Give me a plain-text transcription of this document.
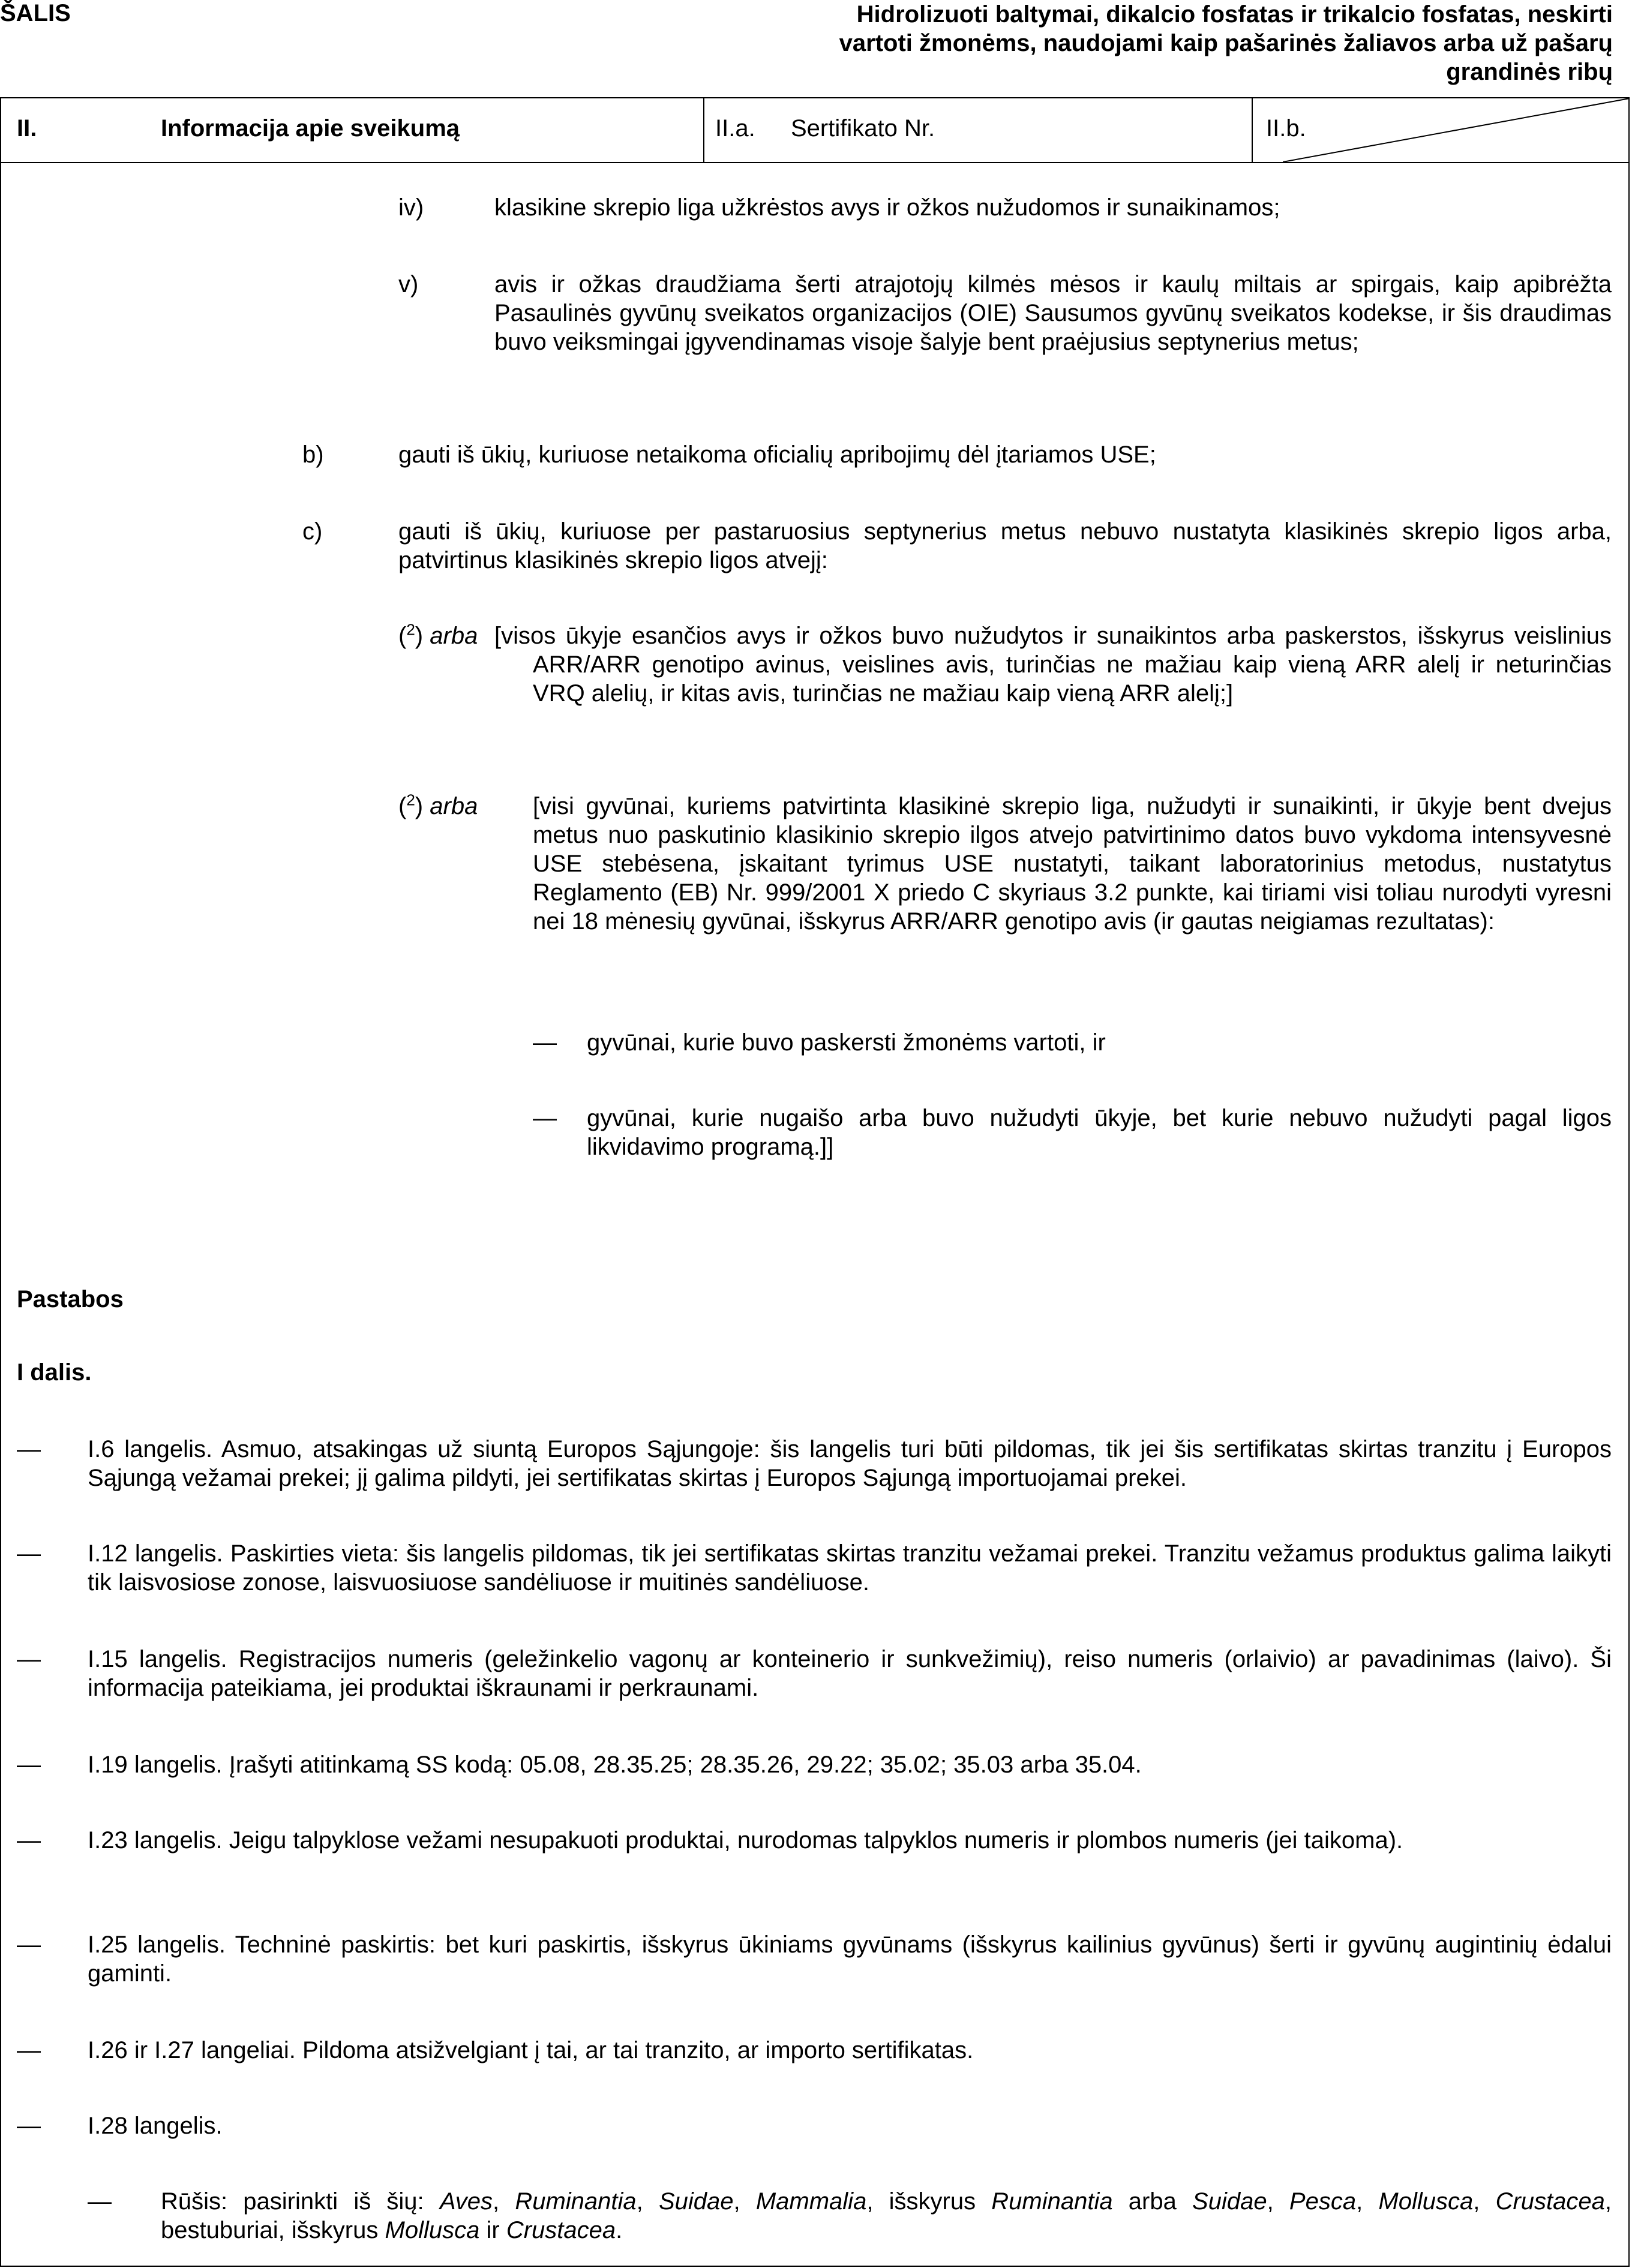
ŠALIS	Hidrolizuoti baltymai, dikalcio fosfatas ir trikalcio fosfatas, neskirti vartoti žmonėms, naudojami kaip pašarinės žaliavos arba už pašarų grandinės ribų
II.	Informacija apie sveikumą	II.a. Sertifikato Nr.	II.b.
iv)	klasikine skrepio liga užkrėstos avys ir ožkos nužudomos ir sunaikinamos;
v)	avis ir ožkas draudžiama šerti atrajotojų kilmės mėsos ir kaulų miltais ar spirgais, kaip apibrėžta Pasaulinės gyvūnų sveikatos organizacijos (OIE) Sausumos gyvūnų sveikatos kodekse, ir šis draudimas buvo veiksmingai įgyvendinamas visoje šalyje bent praėjusius septynerius metus;
b)	gauti iš ūkių, kuriuose netaikoma oficialių apribojimų dėl įtariamos USE;
c)	gauti iš ūkių, kuriuose per pastaruosius septynerius metus nebuvo nustatyta klasikinės skrepio ligos arba, patvirtinus klasikinės skrepio ligos atvejį:
($^2$) arba [visos ūkyje esančios avys ir ožkos buvo nužudytos ir sunaikintos arba paskerstos, išskyrus veislinius ARR/ARR genotipo avinus, veislines avis, turinčias ne mažiau kaip vieną ARR alelį ir neturinčias VRQ alelių, ir kitas avis, turinčias ne mažiau kaip vieną ARR alelį;]
($^2$) arba [visi gyvūnai, kuriems patvirtinta klasikinė skrepio liga, nužudyti ir sunaikinti, ir ūkyje bent dvejus metus nuo paskutinio klasikinio skrepio ilgos atvejo patvirtinimo datos buvo vykdoma intensyvesnė USE stebėsena, įskaitant tyrimus USE nustatyti, taikant laboratorinius metodus, nustatytus Reglamento (EB) Nr. 999/2001 X priedo C skyriaus 3.2 punkte, kai tiriami visi toliau nurodyti vyresni nei 18 mėnesių gyvūnai, išskyrus ARR/ARR genotipo avis (ir gautas neigiamas rezultatas):
— gyvūnai, kurie buvo paskersti žmonėms vartoti, ir
— gyvūnai, kurie nugaišo arba buvo nužudyti ūkyje, bet kurie nebuvo nužudyti pagal ligos likvidavimo programą.]]
Pastabos
I dalis.
— I.6 langelis. Asmuo, atsakingas už siuntą Europos Sąjungoje: šis langelis turi būti pildomas, tik jei šis sertifikatas skirtas tranzitu į Europos Sąjungą vežamai prekei; jį galima pildyti, jei sertifikatas skirtas į Europos Sąjungą importuojamai prekei.
— I.12 langelis. Paskirties vieta: šis langelis pildomas, tik jei sertifikatas skirtas tranzitu vežamai prekei. Tranzitu vežamus produktus galima laikyti tik laisvosiose zonose, laisvuosiuose sandėliuose ir muitinės sandėliuose.
— I.15 langelis. Registracijos numeris (geležinkelio vagonų ar konteinerio ir sunkvežimių), reiso numeris (orlaivio) ar pavadinimas (laivo). Ši informacija pateikiama, jei produktai iškraunami ir perkraunami.
— I.19 langelis. Įrašyti atitinkamą SS kodą: 05.08, 28.35.25; 28.35.26, 29.22; 35.02; 35.03 arba 35.04.
— I.23 langelis. Jeigu talpyklose vežami nesupakuoti produktai, nurodomas talpyklos numeris ir plombos numeris (jei taikoma).
— I.25 langelis. Techninė paskirtis: bet kuri paskirtis, išskyrus ūkiniams gyvūnams (išskyrus kailinius gyvūnus) šerti ir gyvūnų augintinių ėdalui gaminti.
— I.26 ir I.27 langeliai. Pildoma atsižvelgiant į tai, ar tai tranzito, ar importo sertifikatas.
— I.28 langelis.
— Rūšis: pasirinkti iš šių: Aves, Ruminantia, Suidae, Mammalia, išskyrus Ruminantia arba Suidae, Pesca, Mollusca, Crustacea, bestuburiai, išskyrus Mollusca ir Crustacea.
